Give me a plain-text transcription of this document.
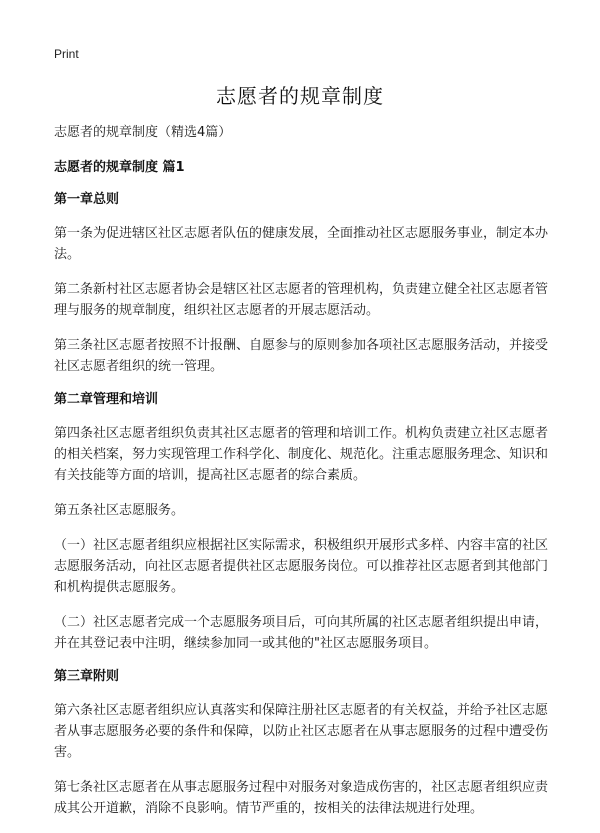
Print
志愿者的规章制度
志愿者的规章制度（精选4篇）
志愿者的规章制度 篇1
第一章总则
第一条为促进辖区社区志愿者队伍的健康发展，全面推动社区志愿服务事业，制定本办法。
第二条新村社区志愿者协会是辖区社区志愿者的管理机构，负责建立健全社区志愿者管理与服务的规章制度，组织社区志愿者的开展志愿活动。
第三条社区志愿者按照不计报酬、自愿参与的原则参加各项社区志愿服务活动，并接受社区志愿者组织的统一管理。
第二章管理和培训
第四条社区志愿者组织负责其社区志愿者的管理和培训工作。机构负责建立社区志愿者的相关档案，努力实现管理工作科学化、制度化、规范化。注重志愿服务理念、知识和有关技能等方面的培训，提高社区志愿者的综合素质。
第五条社区志愿服务。
（一）社区志愿者组织应根据社区实际需求，积极组织开展形式多样、内容丰富的社区志愿服务活动，向社区志愿者提供社区志愿服务岗位。可以推荐社区志愿者到其他部门和机构提供志愿服务。
（二）社区志愿者完成一个志愿服务项目后，可向其所属的社区志愿者组织提出申请，并在其登记表中注明，继续参加同一或其他的"社区志愿服务项目。
第三章附则
第六条社区志愿者组织应认真落实和保障注册社区志愿者的有关权益，并给予社区志愿者从事志愿服务必要的条件和保障，以防止社区志愿者在从事志愿服务的过程中遭受伤害。
第七条社区志愿者在从事志愿服务过程中对服务对象造成伤害的，社区志愿者组织应责成其公开道歉，消除不良影响。情节严重的，按相关的法律法规进行处理。
